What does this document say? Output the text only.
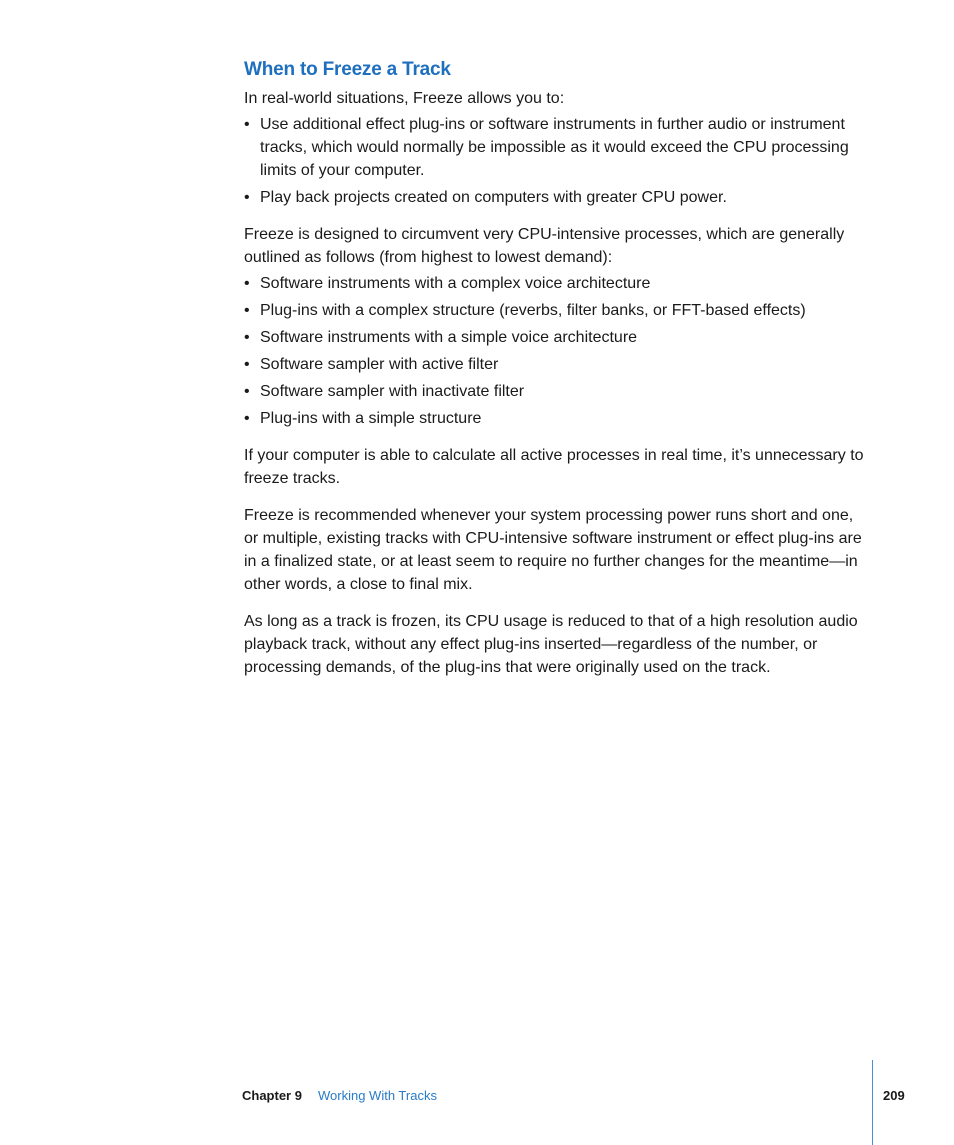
When to Freeze a Track

In real-world situations, Freeze allows you to:

• Use additional effect plug-ins or software instruments in further audio or instrument tracks, which would normally be impossible as it would exceed the CPU processing limits of your computer.
• Play back projects created on computers with greater CPU power.

Freeze is designed to circumvent very CPU-intensive processes, which are generally outlined as follows (from highest to lowest demand):

• Software instruments with a complex voice architecture
• Plug-ins with a complex structure (reverbs, filter banks, or FFT-based effects)
• Software instruments with a simple voice architecture
• Software sampler with active filter
• Software sampler with inactivate filter
• Plug-ins with a simple structure

If your computer is able to calculate all active processes in real time, it’s unnecessary to freeze tracks.

Freeze is recommended whenever your system processing power runs short and one, or multiple, existing tracks with CPU-intensive software instrument or effect plug-ins are in a finalized state, or at least seem to require no further changes for the meantime—in other words, a close to final mix.

As long as a track is frozen, its CPU usage is reduced to that of a high resolution audio playback track, without any effect plug-ins inserted—regardless of the number, or processing demands, of the plug-ins that were originally used on the track.

Chapter 9 Working With Tracks	209
